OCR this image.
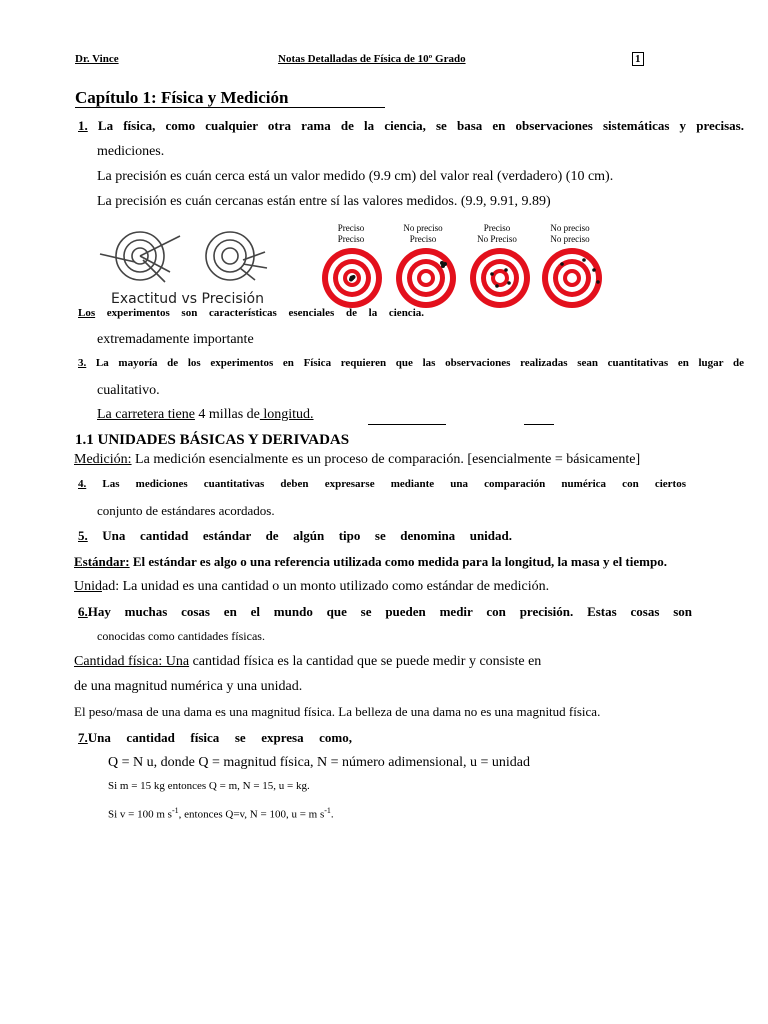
Dr. Vince	Notas Detalladas de Física de 10º Grado	1
Capítulo 1: Física y Medición
1. La física, como cualquier otra rama de la ciencia, se basa en observaciones sistemáticas y precisas.
mediciones.
La precisión es cuán cerca está un valor medido (9.9 cm) del valor real (verdadero) (10 cm).
La precisión es cuán cercanas están entre sí las valores medidos. (9.9, 9.91, 9.89)
Exactitud vs Precisión
Preciso
Preciso
No preciso
Preciso
Preciso
No Preciso
No preciso
No preciso
Los experimentos son características esenciales de la ciencia.
extremadamente importante
3. La mayoría de los experimentos en Física requieren que las observaciones realizadas sean cuantitativas en lugar de
cualitativo.
La carretera tiene 4 millas de longitud.
1.1 UNIDADES BÁSICAS Y DERIVADAS
Medición: La medición esencialmente es un proceso de comparación. [esencialmente = básicamente]
4. Las mediciones cuantitativas deben expresarse mediante una comparación numérica con ciertos
conjunto de estándares acordados.
5. Una cantidad estándar de algún tipo se denomina unidad.
Estándar: El estándar es algo o una referencia utilizada como medida para la longitud, la masa y el tiempo.
Unidad: La unidad es una cantidad o un monto utilizado como estándar de medición.
6.Hay muchas cosas en el mundo que se pueden medir con precisión. Estas cosas son
conocidas como cantidades físicas.
Cantidad física: Una cantidad física es la cantidad que se puede medir y consiste en
de una magnitud numérica y una unidad.
El peso/masa de una dama es una magnitud física. La belleza de una dama no es una magnitud física.
7.Una cantidad física se expresa como,
Q = N u, donde Q = magnitud física, N = número adimensional, u = unidad
Si m = 15 kg entonces Q = m, N = 15, u = kg.
Si v = 100 m $s^{-1}$, entonces Q=v, N = 100, u = m $s^{-1}$.
